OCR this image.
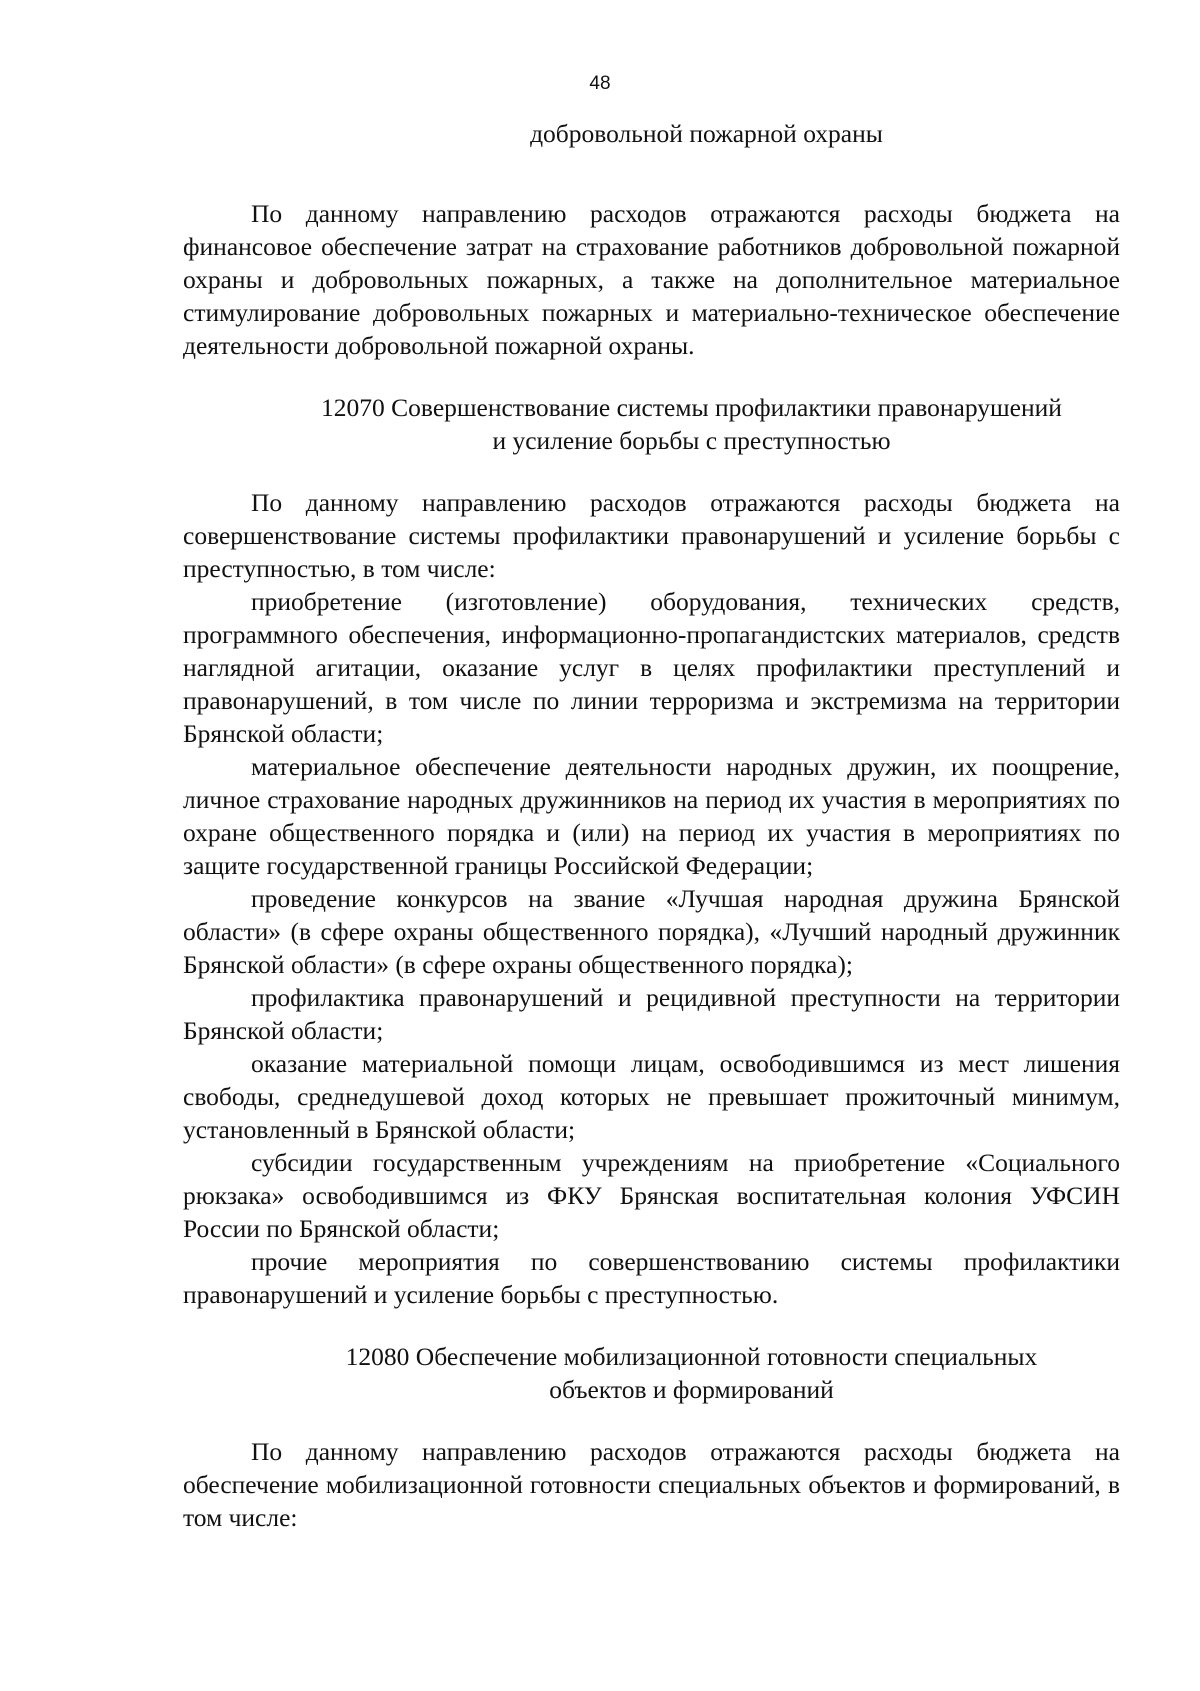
48
добровольной пожарной охраны

По данному направлению расходов отражаются расходы бюджета на финансовое обеспечение затрат на страхование работников добровольной пожарной охраны и добровольных пожарных, а также на дополнительное материальное стимулирование добровольных пожарных и материально-техническое обеспечение деятельности добровольной пожарной охраны.

12070 Совершенствование системы профилактики правонарушений
и усиление борьбы с преступностью

По данному направлению расходов отражаются расходы бюджета на совершенствование системы профилактики правонарушений и усиление борьбы с преступностью, в том числе:

приобретение (изготовление) оборудования, технических средств, программного обеспечения, информационно-пропагандистских материалов, средств наглядной агитации, оказание услуг в целях профилактики преступлений и правонарушений, в том числе по линии терроризма и экстремизма на территории Брянской области;

материальное обеспечение деятельности народных дружин, их поощрение, личное страхование народных дружинников на период их участия в мероприятиях по охране общественного порядка и (или) на период их участия в мероприятиях по защите государственной границы Российской Федерации;

проведение конкурсов на звание «Лучшая народная дружина Брянской области» (в сфере охраны общественного порядка), «Лучший народный дружинник Брянской области» (в сфере охраны общественного порядка);

профилактика правонарушений и рецидивной преступности на территории Брянской области;

оказание материальной помощи лицам, освободившимся из мест лишения свободы, среднедушевой доход которых не превышает прожиточный минимум, установленный в Брянской области;

субсидии государственным учреждениям на приобретение «Социального рюкзака» освободившимся из ФКУ Брянская воспитательная колония УФСИН России по Брянской области;

прочие мероприятия по совершенствованию системы профилактики правонарушений и усиление борьбы с преступностью.

12080 Обеспечение мобилизационной готовности специальных
объектов и формирований

По данному направлению расходов отражаются расходы бюджета на обеспечение мобилизационной готовности специальных объектов и формирований, в том числе:
